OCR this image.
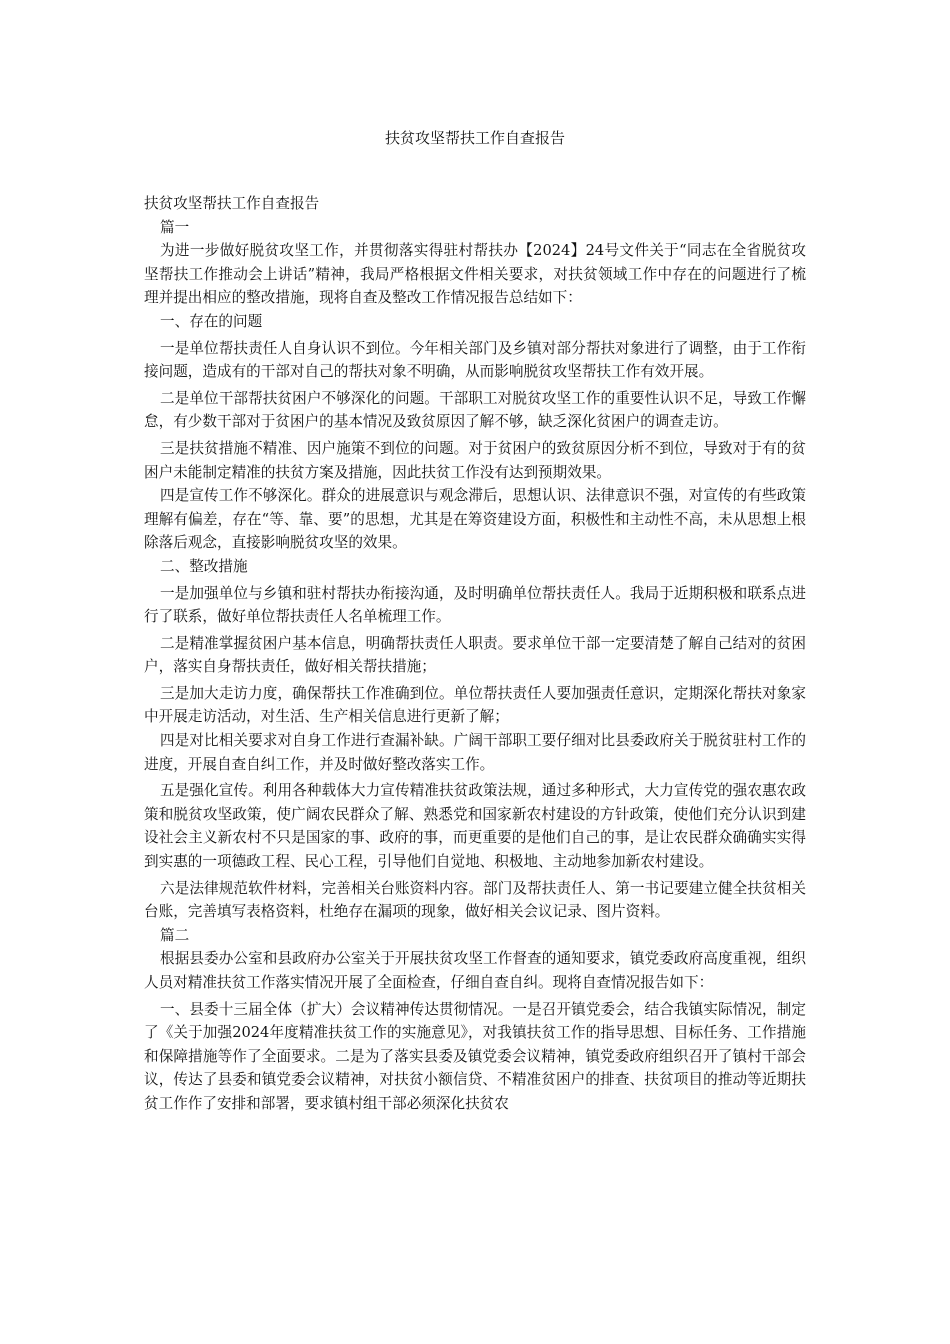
扶贫攻坚帮扶工作自查报告

扶贫攻坚帮扶工作自查报告

篇一

为进一步做好脱贫攻坚工作，并贯彻落实得驻村帮扶办【2024】24号文件关于“同志在全省脱贫攻坚帮扶工作推动会上讲话”精神，我局严格根据文件相关要求，对扶贫领域工作中存在的问题进行了梳理并提出相应的整改措施，现将自查及整改工作情况报告总结如下：

一、存在的问题

一是单位帮扶责任人自身认识不到位。今年相关部门及乡镇对部分帮扶对象进行了调整，由于工作衔接问题，造成有的干部对自己的帮扶对象不明确，从而影响脱贫攻坚帮扶工作有效开展。

二是单位干部帮扶贫困户不够深化的问题。干部职工对脱贫攻坚工作的重要性认识不足，导致工作懈怠，有少数干部对于贫困户的基本情况及致贫原因了解不够，缺乏深化贫困户的调查走访。

三是扶贫措施不精准、因户施策不到位的问题。对于贫困户的致贫原因分析不到位，导致对于有的贫困户未能制定精准的扶贫方案及措施，因此扶贫工作没有达到预期效果。

四是宣传工作不够深化。群众的进展意识与观念滞后，思想认识、法律意识不强，对宣传的有些政策理解有偏差，存在“等、靠、要”的思想，尤其是在筹资建设方面，积极性和主动性不高，未从思想上根除落后观念，直接影响脱贫攻坚的效果。

二、整改措施

一是加强单位与乡镇和驻村帮扶办衔接沟通，及时明确单位帮扶责任人。我局于近期积极和联系点进行了联系，做好单位帮扶责任人名单梳理工作。

二是精准掌握贫困户基本信息，明确帮扶责任人职责。要求单位干部一定要清楚了解自己结对的贫困户，落实自身帮扶责任，做好相关帮扶措施；

三是加大走访力度，确保帮扶工作准确到位。单位帮扶责任人要加强责任意识，定期深化帮扶对象家中开展走访活动，对生活、生产相关信息进行更新了解；

四是对比相关要求对自身工作进行查漏补缺。广阔干部职工要仔细对比县委政府关于脱贫驻村工作的进度，开展自查自纠工作，并及时做好整改落实工作。

五是强化宣传。利用各种载体大力宣传精准扶贫政策法规，通过多种形式，大力宣传党的强农惠农政策和脱贫攻坚政策，使广阔农民群众了解、熟悉党和国家新农村建设的方针政策，使他们充分认识到建设社会主义新农村不只是国家的事、政府的事，而更重要的是他们自己的事，是让农民群众确确实实得到实惠的一项德政工程、民心工程，引导他们自觉地、积极地、主动地参加新农村建设。

六是法律规范软件材料，完善相关台账资料内容。部门及帮扶责任人、第一书记要建立健全扶贫相关台账，完善填写表格资料，杜绝存在漏项的现象，做好相关会议记录、图片资料。

篇二

根据县委办公室和县政府办公室关于开展扶贫攻坚工作督查的通知要求，镇党委政府高度重视，组织人员对精准扶贫工作落实情况开展了全面检查，仔细自查自纠。现将自查情况报告如下：

一、县委十三届全体（扩大）会议精神传达贯彻情况。一是召开镇党委会，结合我镇实际情况，制定了《关于加强2024年度精准扶贫工作的实施意见》，对我镇扶贫工作的指导思想、目标任务、工作措施和保障措施等作了全面要求。二是为了落实县委及镇党委会议精神，镇党委政府组织召开了镇村干部会议，传达了县委和镇党委会议精神，对扶贫小额信贷、不精准贫困户的排查、扶贫项目的推动等近期扶贫工作作了安排和部署，要求镇村组干部必须深化扶贫农
